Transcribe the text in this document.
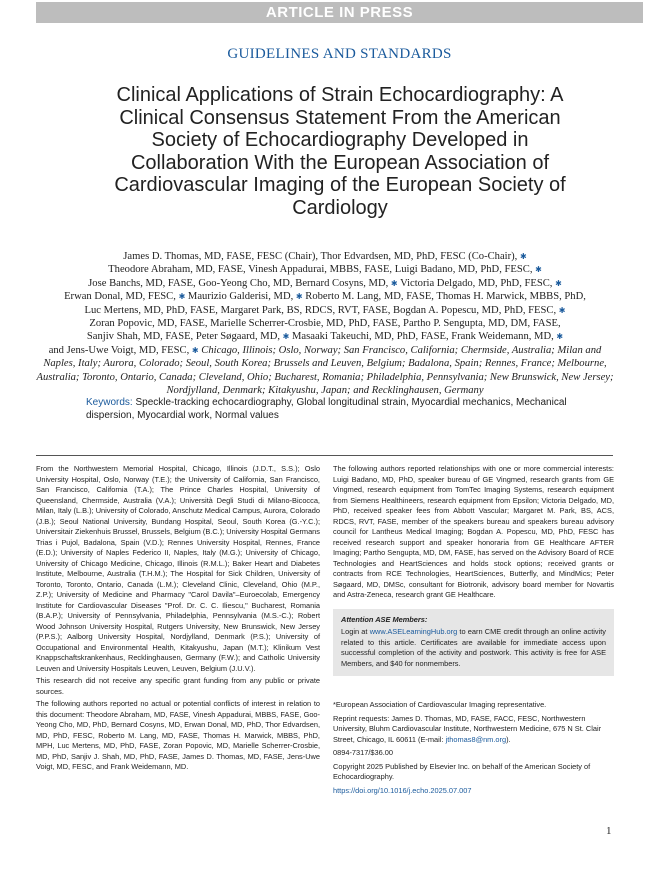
ARTICLE IN PRESS
GUIDELINES AND STANDARDS
Clinical Applications of Strain Echocardiography: A Clinical Consensus Statement From the American Society of Echocardiography Developed in Collaboration With the European Association of Cardiovascular Imaging of the European Society of Cardiology
James D. Thomas, MD, FASE, FESC (Chair), Thor Edvardsen, MD, PhD, FESC (Co-Chair), ✱
Theodore Abraham, MD, FASE, Vinesh Appadurai, MBBS, FASE, Luigi Badano, MD, PhD, FESC, ✱
Jose Banchs, MD, FASE, Goo-Yeong Cho, MD, Bernard Cosyns, MD, ✱ Victoria Delgado, MD, PhD, FESC, ✱
Erwan Donal, MD, FESC, ✱ Maurizio Galderisi, MD, ✱ Roberto M. Lang, MD, FASE, Thomas H. Marwick, MBBS, PhD,
Luc Mertens, MD, PhD, FASE, Margaret Park, BS, RDCS, RVT, FASE, Bogdan A. Popescu, MD, PhD, FESC, ✱
Zoran Popovic, MD, FASE, Marielle Scherrer-Crosbie, MD, PhD, FASE, Partho P. Sengupta, MD, DM, FASE,
Sanjiv Shah, MD, FASE, Peter Søgaard, MD, ✱ Masaaki Takeuchi, MD, PhD, FASE, Frank Weidemann, MD, ✱
and Jens-Uwe Voigt, MD, FESC, ✱ Chicago, Illinois; Oslo, Norway; San Francisco, California; Chermside, Australia; Milan and Naples, Italy; Aurora, Colorado; Seoul, South Korea; Brussels and Leuven, Belgium; Badalona, Spain; Rennes, France; Melbourne, Australia; Toronto, Ontario, Canada; Cleveland, Ohio; Bucharest, Romania; Philadelphia, Pennsylvania; New Brunswick, New Jersey; Nordjylland, Denmark; Kitakyushu, Japan; and Recklinghausen, Germany
Keywords: Speckle-tracking echocardiography, Global longitudinal strain, Myocardial mechanics, Mechanical dispersion, Myocardial work, Normal values

From the Northwestern Memorial Hospital, Chicago, Illinois (J.D.T., S.S.); Oslo University Hospital, Oslo, Norway (T.E.); the University of California, San Francisco, San Francisco, California (T.A.); The Prince Charles Hospital, University of Queensland, Chermside, Australia (V.A.); Università Degli Studi di Milano-Bicocca, Milan, Italy (L.B.); University of Colorado, Anschutz Medical Campus, Aurora, Colorado (J.B.); Seoul National University, Bundang Hospital, Seoul, South Korea (G.-Y.C.); Universitair Ziekenhuis Brussel, Brussels, Belgium (B.C.); University Hospital Germans Trias i Pujol, Badalona, Spain (V.D.); Rennes University Hospital, Rennes, France (E.D.); University of Naples Federico II, Naples, Italy (M.G.); University of Chicago, University of Chicago Medicine, Chicago, Illinois (R.M.L.); Baker Heart and Diabetes Institute, Melbourne, Australia (T.H.M.); The Hospital for Sick Children, University of Toronto, Toronto, Ontario, Canada (L.M.); Cleveland Clinic, Cleveland, Ohio (M.P., Z.P.); University of Medicine and Pharmacy "Carol Davila"–Euroecolab, Emergency Institute for Cardiovascular Diseases "Prof. Dr. C. C. Iliescu," Bucharest, Romania (B.A.P.); University of Pennsylvania, Philadelphia, Pennsylvania (M.S.-C.); Robert Wood Johnson University Hospital, Rutgers University, New Brunswick, New Jersey (P.P.S.); Aalborg University Hospital, Nordjylland, Denmark (P.S.); University of Occupational and Environmental Health, Kitakyushu, Japan (M.T.); Klinikum Vest Knappschaftskrankenhaus, Recklinghausen, Germany (F.W.); and Catholic University Leuven and University Hospitals Leuven, Leuven, Belgium (J.U.V.).

This research did not receive any specific grant funding from any public or private sources.

The following authors reported no actual or potential conflicts of interest in relation to this document: Theodore Abraham, MD, FASE, Vinesh Appadurai, MBBS, FASE, Goo-Yeong Cho, MD, PhD, Bernard Cosyns, MD, Erwan Donal, MD, PhD, Thor Edvardsen, MD, PhD, FESC, Roberto M. Lang, MD, FASE, Thomas H. Marwick, MBBS, PhD, MPH, Luc Mertens, MD, PhD, FASE, Zoran Popovic, MD, Marielle Scherrer-Crosbie, MD, PhD, Sanjiv J. Shah, MD, PhD, FASE, James D. Thomas, MD, FASE, Jens-Uwe Voigt, MD, FESC, and Frank Weidemann, MD.

The following authors reported relationships with one or more commercial interests: Luigi Badano, MD, PhD, speaker bureau of GE Vingmed, research grants from GE Vingmed, research equipment from TomTec Imaging Systems, research equipment from Siemens Healthineers, research equipment from Epsilon; Victoria Delgado, MD, PhD, received speaker fees from Abbott Vascular; Margaret M. Park, BS, ACS, RDCS, RVT, FASE, member of the speakers bureau and speakers bureau advisory council for Lantheus Medical Imaging; Bogdan A. Popescu, MD, PhD, FESC has received research support and speaker honoraria from GE Healthcare AFTER Imaging; Partho Sengupta, MD, DM, FASE, has served on the Advisory Board of RCE Technologies and HeartSciences and holds stock options; received grants or contracts from RCE Technologies, HeartSciences, Butterfly, and MindMics; Peter Søgaard, MD, DMSc, consultant for Biotronik, advisory board member for Novartis and Astra-Zeneca, research grant GE Healthcare.

Attention ASE Members:
Login at www.ASELearningHub.org to earn CME credit through an online activity related to this article. Certificates are available for immediate access upon successful completion of the activity and postwork. This activity is free for ASE Members, and $40 for nonmembers.

*European Association of Cardiovascular Imaging representative.

Reprint requests: James D. Thomas, MD, FASE, FACC, FESC, Northwestern University, Bluhm Cardiovascular Institute, Northwestern Medicine, 675 N St. Clair Street, Chicago, IL 60611 (E-mail: jthomas8@nm.org).

0894-7317/$36.00

Copyright 2025 Published by Elsevier Inc. on behalf of the American Society of Echocardiography.

https://doi.org/10.1016/j.echo.2025.07.007

1
